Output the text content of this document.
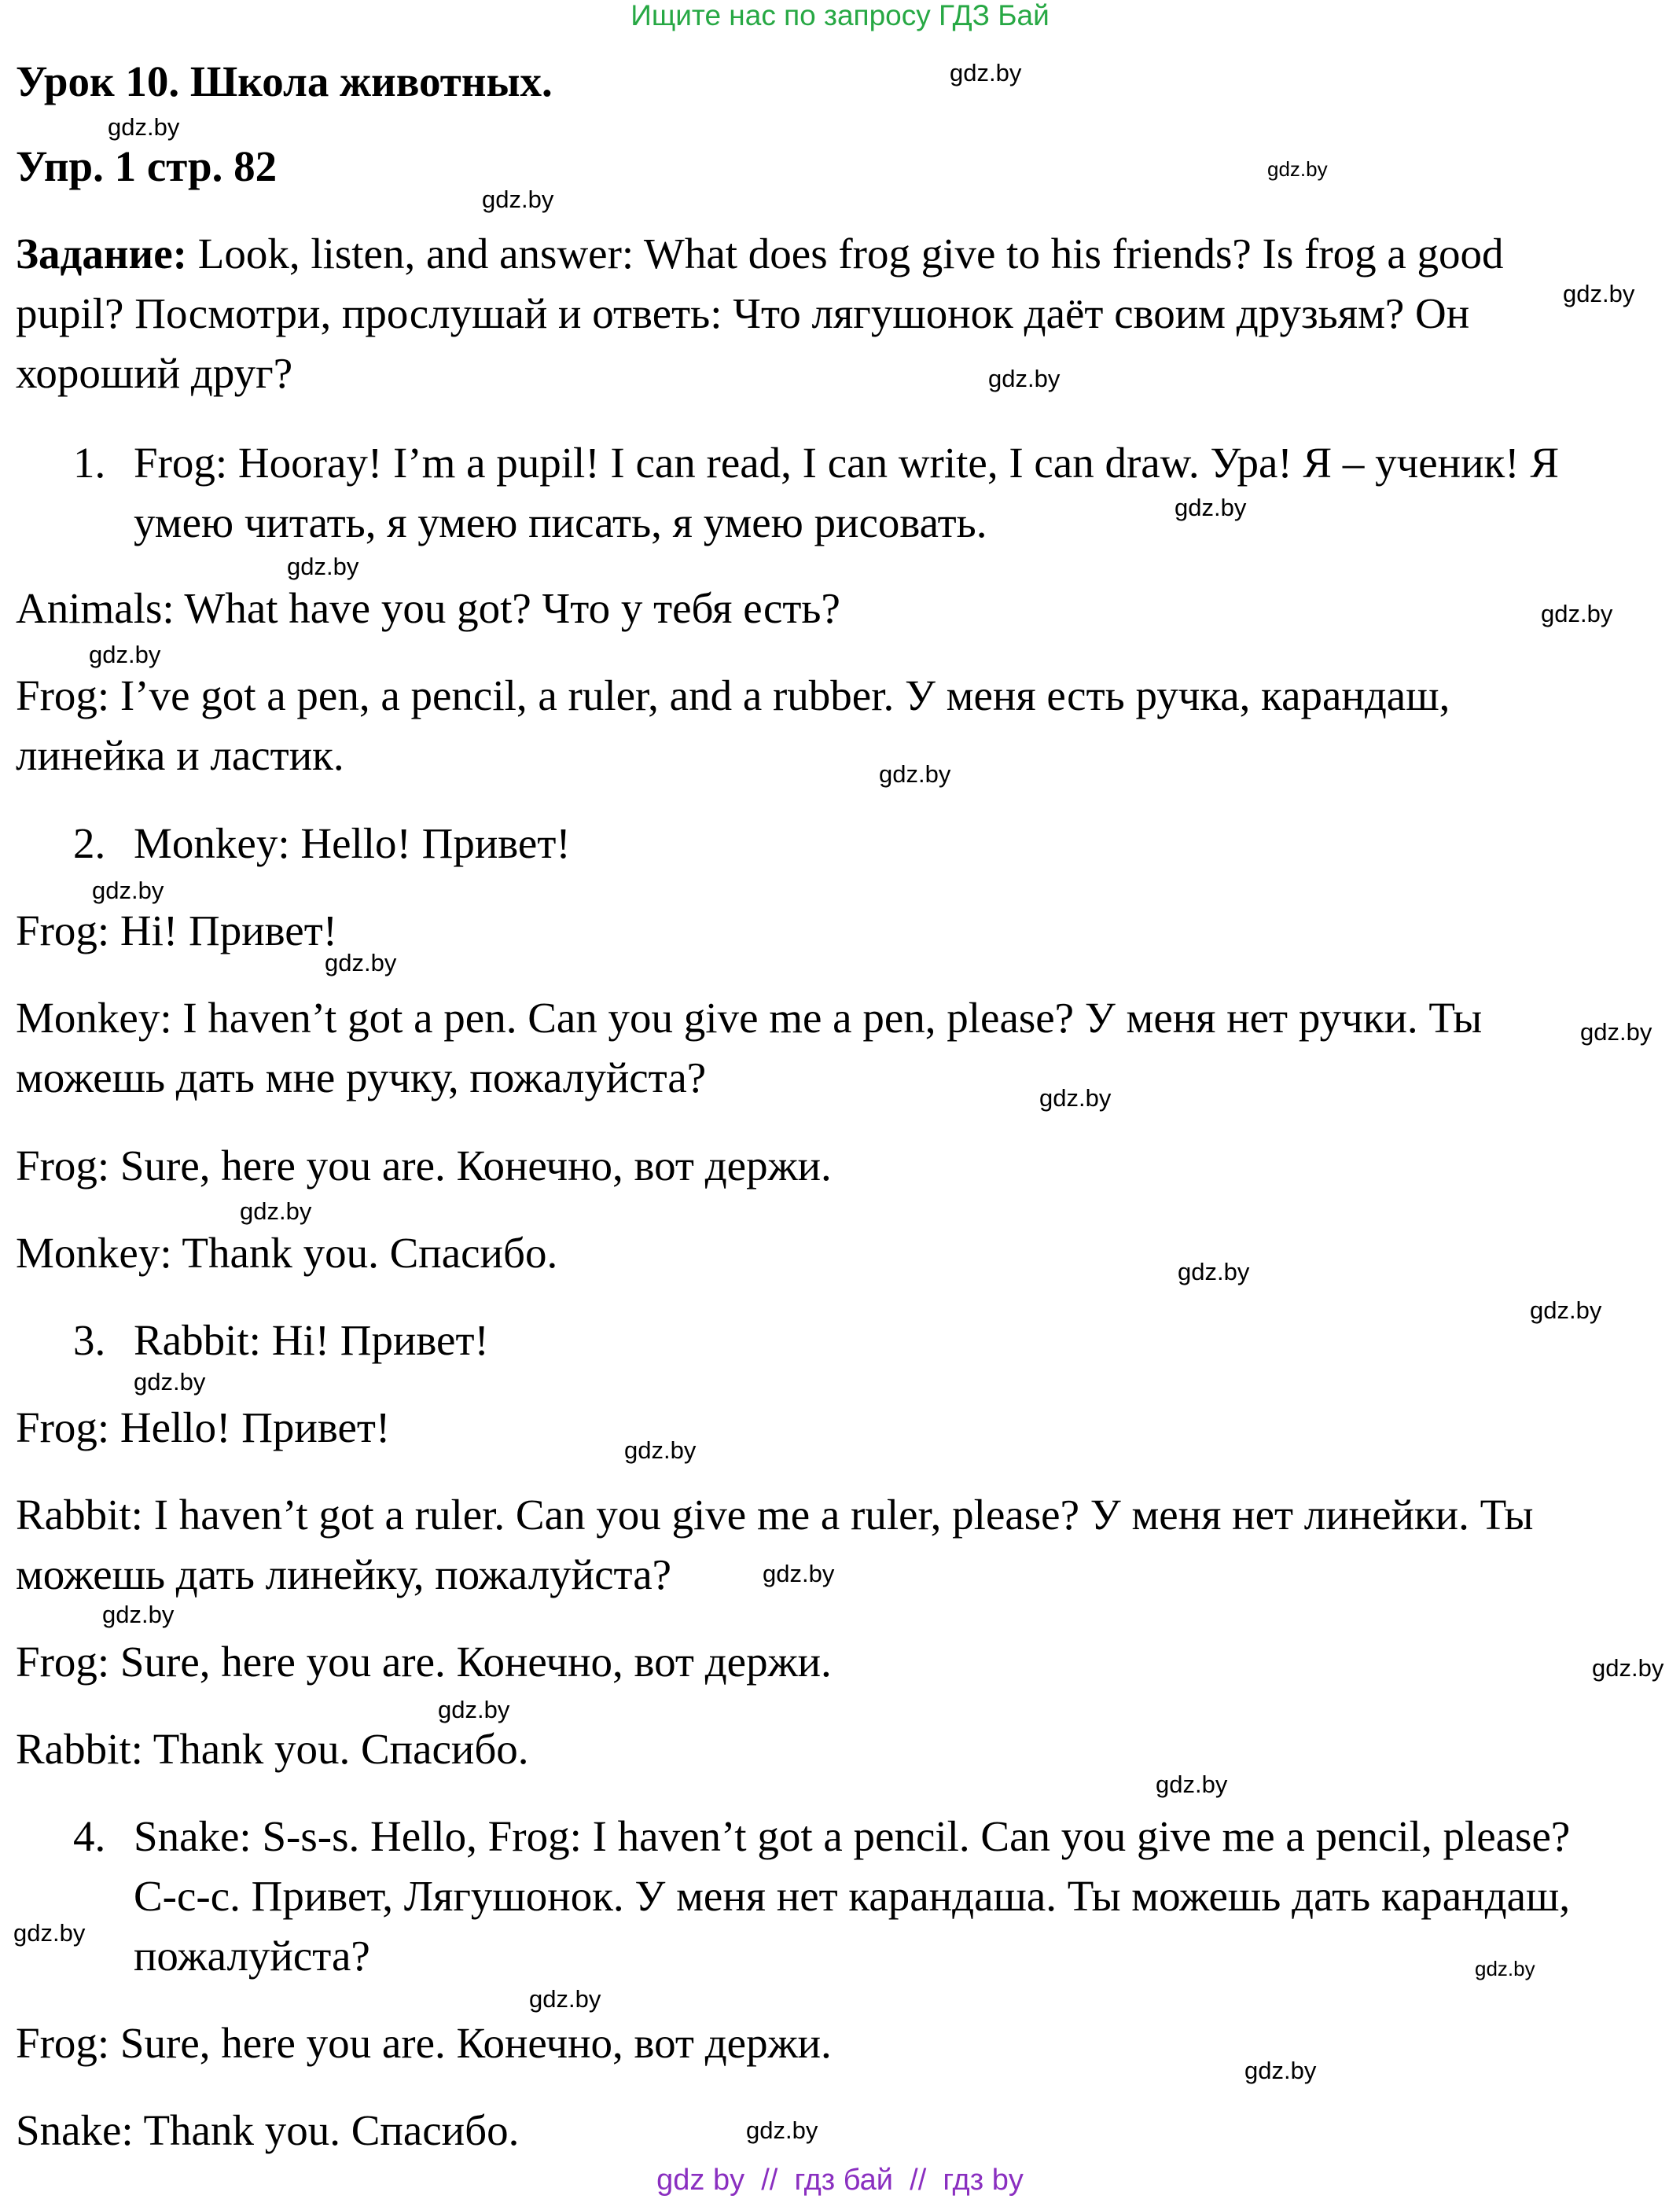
Ищите нас по запросу ГДЗ Бай
Урок 10. Школа животных.
Упр. 1 стр. 82
Задание: Look, listen, and answer: What does frog give to his friends? Is frog a good
pupil? Посмотри, прослушай и ответь: Что лягушонок даёт своим друзьям? Он
хороший друг?
1. Frog: Hooray! I’m a pupil! I can read, I can write, I can draw. Ура! Я – ученик! Я
умею читать, я умею писать, я умею рисовать.
Animals: What have you got? Что у тебя есть?
Frog: I’ve got a pen, a pencil, a ruler, and a rubber. У меня есть ручка, карандаш,
линейка и ластик.
2. Monkey: Hello! Привет!
Frog: Hi! Привет!
Monkey: I haven’t got a pen. Can you give me a pen, please? У меня нет ручки. Ты
можешь дать мне ручку, пожалуйста?
Frog: Sure, here you are. Конечно, вот держи.
Monkey: Thank you. Спасибо.
3. Rabbit: Hi! Привет!
Frog: Hello! Привет!
Rabbit: I haven’t got a ruler. Can you give me a ruler, please? У меня нет линейки. Ты
можешь дать линейку, пожалуйста?
Frog: Sure, here you are. Конечно, вот держи.
Rabbit: Thank you. Спасибо.
4. Snake: S-s-s. Hello, Frog: I haven’t got a pencil. Can you give me a pencil, please?
С-с-с. Привет, Лягушонок. У меня нет карандаша. Ты можешь дать карандаш,
пожалуйста?
Frog: Sure, here you are. Конечно, вот держи.
Snake: Thank you. Спасибо.
gdz.by
gdz.by
gdz.by
gdz.by
gdz.by
gdz.by
gdz.by
gdz.by
gdz.by
gdz.by
gdz.by
gdz.by
gdz.by
gdz.by
gdz.by
gdz.by
gdz.by
gdz.by
gdz.by
gdz.by
gdz.by
gdz.by
gdz.by
gdz.by
gdz.by
gdz.by
gdz.by
gdz.by
gdz.by
gdz.by
gdz by  //  гдз бай  //  гдз by
